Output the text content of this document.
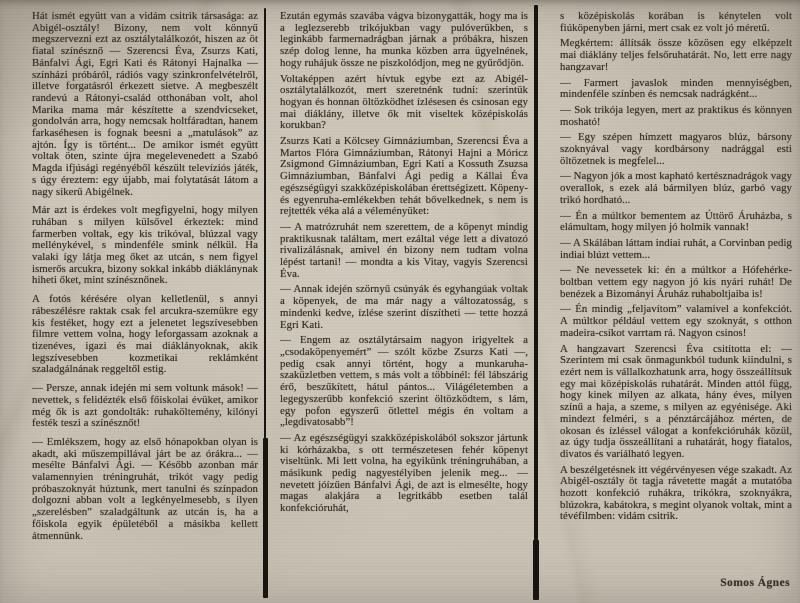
Hát ismét együtt van a vidám csitrik társasága: az Abigél-osztály! Bizony, nem volt könnyű megszervezni ezt az osztálytalálkozót, hiszen az öt fiatal színésznő — Szerencsi Éva, Zsurzs Kati, Bánfalvi Ági, Egri Kati és Rátonyi Hajnalka — színházi próbáról, rádiós vagy szinkronfelvételről, illetve forgatásról érkezett sietve. A megbeszélt randevú a Rátonyi-család otthonában volt, ahol Marika mama már készítette a szendvicseket, gondolván arra, hogy nemcsak holtfáradtan, hanem farkaséhesen is fognak beesni a „matulások” az ajtón. Így is történt... De amikor ismét együtt voltak öten, szinte újra megelevenedett a Szabó Magda ifjúsági regényéből készült televíziós játék, s úgy éreztem: egy újabb, mai folytatását látom a nagy sikerű Abigélnek.

Már azt is érdekes volt megfigyelni, hogy milyen ruhában s milyen külsővel érkeztek: mind farmerben voltak, egy kis trikóval, blúzzal vagy mellénykével, s mindenféle smink nélkül. Ha valaki így látja meg őket az utcán, s nem figyel ismerős arcukra, bizony sokkal inkább diáklánynak hiheti őket, mint színésznőnek.

A fotós kérésére olyan kelletlenül, s annyi rábeszélésre raktak csak fel arcukra-szemükre egy kis festéket, hogy ezt a jelenetet legszívesebben filmre vettem volna, hogy leforgassam azoknak a tizenéves, igazi és mai diáklányoknak, akik legszívesebben kozmetikai reklámként szaladgálnának reggeltől estig.

— Persze, annak idején mi sem voltunk mások! — nevettek, s felidézték első főiskolai évüket, amikor még ők is azt gondolták: ruhaköltemény, kilónyi festék teszi a színésznőt!

— Emlékszem, hogy az első hónapokban olyan is akadt, aki műszempillával járt be az órákra... — mesélte Bánfalvi Ági. — Később azonban már valamennyien tréningruhát, trikót vagy pedig próbaszoknyát húztunk, mert tanulni és színpadon dolgozni abban volt a legkényelmesebb, s ilyen „szerelésben” szaladgáltunk az utcán is, ha a főiskola egyik épületéből a másikba kellett átmennünk.

Ezután egymás szavába vágva bizonygatták, hogy ma is a leglezserebb trikójukban vagy pulóverükben, s leginkább farmernadrágban járnak a próbákra, hiszen szép dolog lenne, ha munka közben arra ügyelnének, hogy ruhájuk össze ne piszkolódjon, meg ne gyűrődjön.

Voltaképpen azért hívtuk egybe ezt az Abigél-osztálytalálkozót, mert szeretnénk tudni: szerintük hogyan és honnan öltözködhet ízlésesen és csinosan egy mai diáklány, illetve ők mit viseltek középiskolás korukban?

Zsurzs Kati a Kölcsey Gimnáziumban, Szerencsi Éva a Martos Flóra Gimnáziumban, Rátonyi Hajni a Móricz Zsigmond Gimnáziumban, Egri Kati a Kossuth Zsuzsa Gimnáziumban, Bánfalvi Ági pedig a Kállai Éva egészségügyi szakközépiskolában érettségizett. Köpeny- és egyenruha-emlékekben tehát bővelkednek, s nem is rejtették véka alá a véleményüket:

— A matrózruhát nem szerettem, de a köpenyt mindig praktikusnak találtam, mert ezáltal vége lett a divatozó rivalizálásnak, amivel én bizony nem tudtam volna lépést tartani! — mondta a kis Vitay, vagyis Szerencsi Éva.

— Annak idején szörnyű csúnyák és egyhangúak voltak a köpenyek, de ma már nagy a változatosság, s mindenki kedve, ízlése szerint díszítheti — tette hozzá Egri Kati.

— Engem az osztálytársaim nagyon irigyeltek a „csodaköpenyemért” — szólt közbe Zsurzs Kati —, pedig csak annyi történt, hogy a munkaruha-szaküzletben vettem, s más volt a többinél: fél lábszárig érő, beszűkített, hátul pántos... Világéletemben a legegyszerűbb konfekció szerint öltözködtem, s lám, egy pofon egyszerű ötlettel mégis én voltam a „legdivatosabb”!

— Az egészségügyi szakközépiskolából sokszor jártunk ki kórházakba, s ott természetesen fehér köpenyt viseltünk. Mi lett volna, ha egyikünk tréningruhában, a másikunk pedig nagyestélyiben jelenik meg... — nevetett jóízűen Bánfalvi Ági, de azt is elmesélte, hogy magas alakjára a legritkább esetben talál konfekcióruhát,

s középiskolás korában is kénytelen volt fiúköpenyben járni, mert csak ez volt jó méretű.

Megkértem: állítsák össze közösen egy elképzelt mai diáklány teljes felsőruhatárát. No, lett erre nagy hangzavar!

— Farmert javaslok minden mennyiségben, mindenféle színben és nemcsak nadrágként...

— Sok trikója legyen, mert az praktikus és könnyen mosható!

— Egy szépen hímzett magyaros blúz, bársony szoknyával vagy kordbársony nadrággal esti öltözetnek is megfelel...

— Nagyon jók a most kapható kertésznadrágok vagy overallok, s ezek alá bármilyen blúz, garbó vagy trikó hordható...

— Én a múltkor bementem az Úttörő Áruházba, s elámultam, hogy milyen jó holmik vannak!

— A Skálában láttam indiai ruhát, a Corvinban pedig indiai blúzt vettem...

— Ne nevessetek ki: én a múltkor a Hófehérke-boltban vettem egy nagyon jó kis nyári ruhát! De benézek a Bizományi Áruház ruhaboltjaiba is!

— Én mindig „feljavítom” valamivel a konfekciót. A múltkor például vettem egy szoknyát, s otthon madeira-csíkot varrtam rá. Nagyon csinos!

A hangzavart Szerencsi Éva csitította el: — Szerintem mi csak önmagunkból tudunk kiindulni, s ezért nem is vállalkozhatunk arra, hogy összeállítsuk egy mai középiskolás ruhatárát. Minden attól függ, hogy kinek milyen az alkata, hány éves, milyen színű a haja, a szeme, s milyen az egyénisége. Aki mindezt felméri, s a pénztárcájához mérten, de okosan és ízléssel válogat a konfekcióruhák közül, az úgy tudja összeállítani a ruhatárát, hogy fiatalos, divatos és variálható legyen.

A beszélgetésnek itt végérvényesen vége szakadt. Az Abigél-osztály öt tagja rávetette magát a mutatóba hozott konfekció ruhákra, trikókra, szoknyákra, blúzokra, kabátokra, s megint olyanok voltak, mint a tévéfilmben: vidám csitrik.

Somos Ágnes
